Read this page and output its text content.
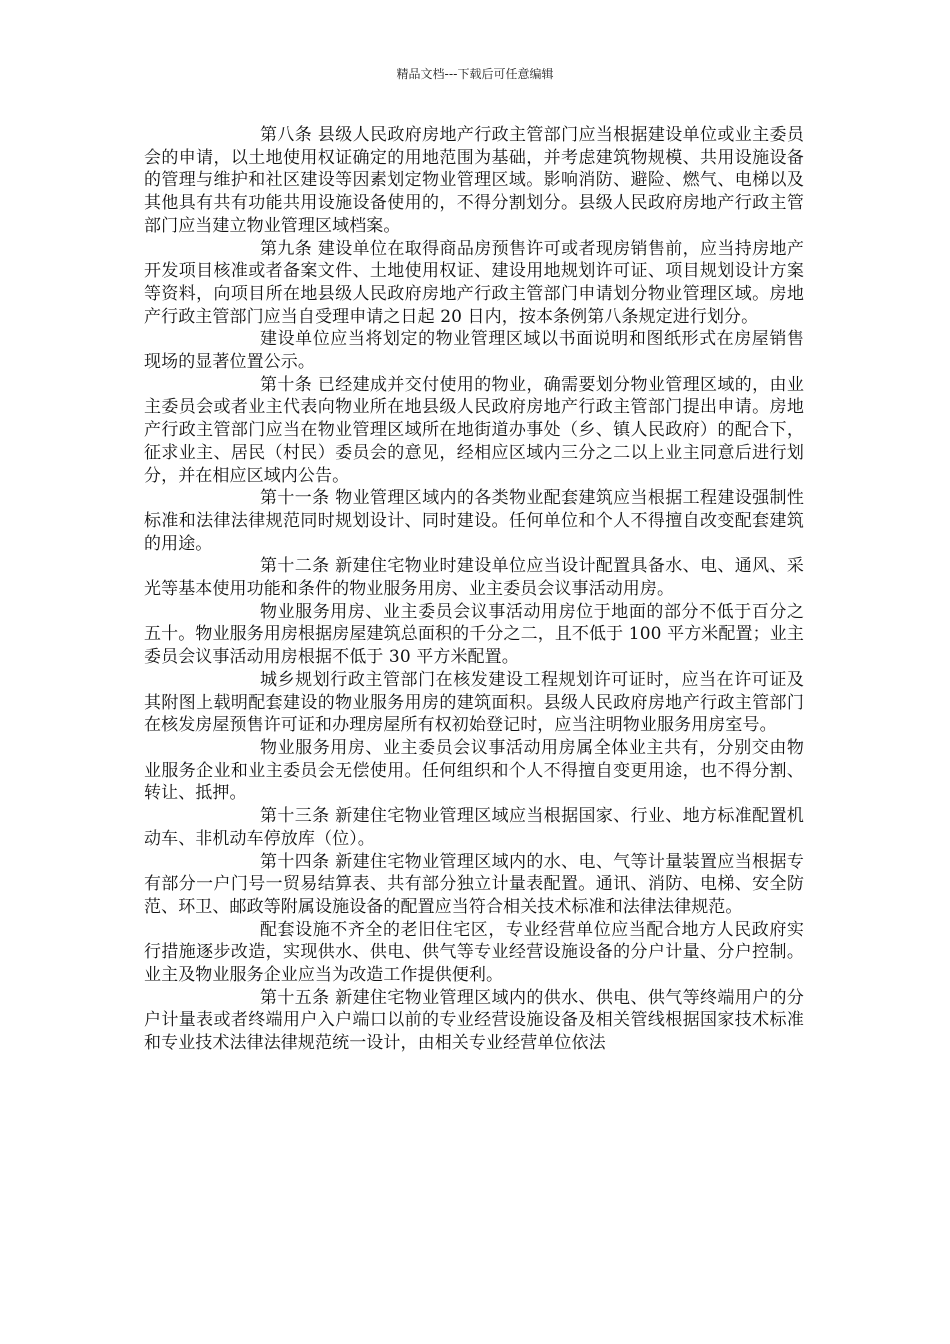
精品文档---下载后可任意编辑

第八条 县级人民政府房地产行政主管部门应当根据建设单位或业主委员会的申请，以土地使用权证确定的用地范围为基础，并考虑建筑物规模、共用设施设备的管理与维护和社区建设等因素划定物业管理区域。影响消防、避险、燃气、电梯以及其他具有共有功能共用设施设备使用的，不得分割划分。县级人民政府房地产行政主管部门应当建立物业管理区域档案。

第九条 建设单位在取得商品房预售许可或者现房销售前，应当持房地产开发项目核准或者备案文件、土地使用权证、建设用地规划许可证、项目规划设计方案等资料，向项目所在地县级人民政府房地产行政主管部门申请划分物业管理区域。房地产行政主管部门应当自受理申请之日起 20 日内，按本条例第八条规定进行划分。

建设单位应当将划定的物业管理区域以书面说明和图纸形式在房屋销售现场的显著位置公示。

第十条 已经建成并交付使用的物业，确需要划分物业管理区域的，由业主委员会或者业主代表向物业所在地县级人民政府房地产行政主管部门提出申请。房地产行政主管部门应当在物业管理区域所在地街道办事处（乡、镇人民政府）的配合下，征求业主、居民（村民）委员会的意见，经相应区域内三分之二以上业主同意后进行划分，并在相应区域内公告。

第十一条 物业管理区域内的各类物业配套建筑应当根据工程建设强制性标准和法律法律规范同时规划设计、同时建设。任何单位和个人不得擅自改变配套建筑的用途。

第十二条 新建住宅物业时建设单位应当设计配置具备水、电、通风、采光等基本使用功能和条件的物业服务用房、业主委员会议事活动用房。

物业服务用房、业主委员会议事活动用房位于地面的部分不低于百分之五十。物业服务用房根据房屋建筑总面积的千分之二，且不低于 100 平方米配置；业主委员会议事活动用房根据不低于 30 平方米配置。

城乡规划行政主管部门在核发建设工程规划许可证时，应当在许可证及其附图上载明配套建设的物业服务用房的建筑面积。县级人民政府房地产行政主管部门在核发房屋预售许可证和办理房屋所有权初始登记时，应当注明物业服务用房室号。

物业服务用房、业主委员会议事活动用房属全体业主共有，分别交由物业服务企业和业主委员会无偿使用。任何组织和个人不得擅自变更用途，也不得分割、转让、抵押。

第十三条 新建住宅物业管理区域应当根据国家、行业、地方标准配置机动车、非机动车停放库（位）。

第十四条 新建住宅物业管理区域内的水、电、气等计量装置应当根据专有部分一户门号一贸易结算表、共有部分独立计量表配置。通讯、消防、电梯、安全防范、环卫、邮政等附属设施设备的配置应当符合相关技术标准和法律法律规范。

配套设施不齐全的老旧住宅区，专业经营单位应当配合地方人民政府实行措施逐步改造，实现供水、供电、供气等专业经营设施设备的分户计量、分户控制。业主及物业服务企业应当为改造工作提供便利。

第十五条 新建住宅物业管理区域内的供水、供电、供气等终端用户的分户计量表或者终端用户入户端口以前的专业经营设施设备及相关管线根据国家技术标准和专业技术法律法律规范统一设计，由相关专业经营单位依法
